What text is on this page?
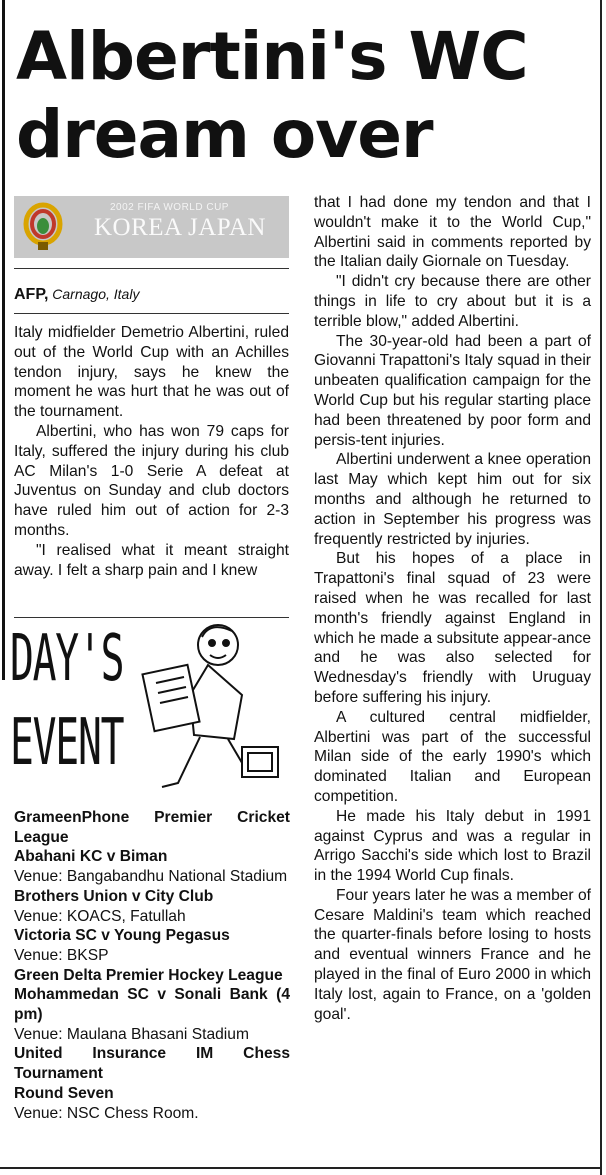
Albertini's WC dream over
2002 FIFA WORLD CUP
KOREA JAPAN
AFP, Carnago, Italy

Italy midfielder Demetrio Albertini, ruled out of the World Cup with an Achilles tendon injury, says he knew the moment he was hurt that he was out of the tournament.

Albertini, who has won 79 caps for Italy, suffered the injury during his club AC Milan's 1-0 Serie A defeat at Juventus on Sunday and club doctors have ruled him out of action for 2-3 months.

"I realised what it meant straight away. I felt a sharp pain and I knew

that I had done my tendon and that I wouldn't make it to the World Cup," Albertini said in comments reported by the Italian daily Giornale on Tuesday.

"I didn't cry because there are other things in life to cry about but it is a terrible blow," added Albertini.

The 30-year-old had been a part of Giovanni Trapattoni's Italy squad in their unbeaten qualification campaign for the World Cup but his regular starting place had been threatened by poor form and persis-tent injuries.

Albertini underwent a knee operation last May which kept him out for six months and although he returned to action in September his progress was frequently restricted by injuries.

But his hopes of a place in Trapattoni's final squad of 23 were raised when he was recalled for last month's friendly against England in which he made a subsitute appear-ance and he was also selected for Wednesday's friendly with Uruguay before suffering his injury.

A cultured central midfielder, Albertini was part of the successful Milan side of the early 1990's which dominated Italian and European competition.

He made his Italy debut in 1991 against Cyprus and was a regular in Arrigo Sacchi's side which lost to Brazil in the 1994 World Cup finals.

Four years later he was a member of Cesare Maldini's team which reached the quarter-finals before losing to hosts and eventual winners France and he played in the final of Euro 2000 in which Italy lost, again to France, on a 'golden goal'.

DAY'S
EVENT
GrameenPhone Premier Cricket League
Abahani KC v Biman
Venue: Bangabandhu National Stadium
Brothers Union v City Club
Venue: KOACS, Fatullah
Victoria SC v Young Pegasus
Venue: BKSP
Green Delta Premier Hockey League
Mohammedan SC v Sonali Bank (4 pm)
Venue: Maulana Bhasani Stadium
United Insurance IM Chess Tournament
Round Seven
Venue: NSC Chess Room.
